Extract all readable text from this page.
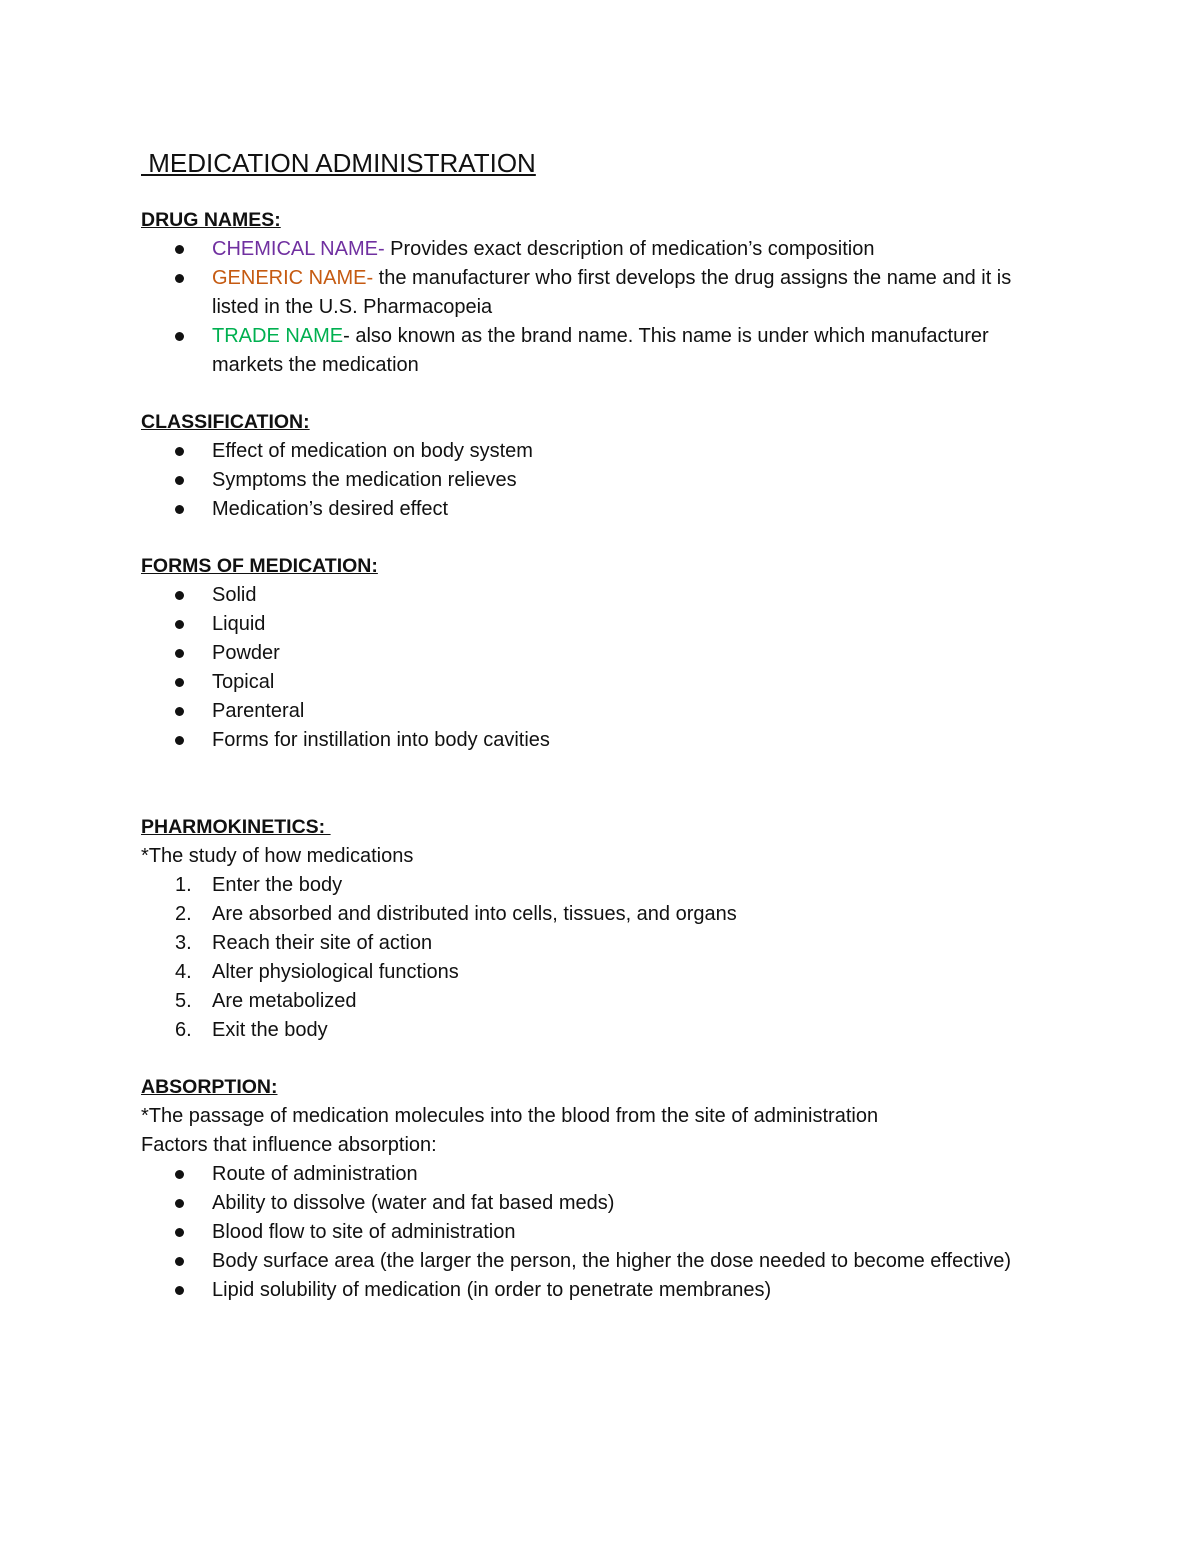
MEDICATION ADMINISTRATION

DRUG NAMES:

CHEMICAL NAME- Provides exact description of medication’s composition
GENERIC NAME- the manufacturer who first develops the drug assigns the name and it is listed in the U.S. Pharmacopeia
TRADE NAME- also known as the brand name. This name is under which manufacturer markets the medication

CLASSIFICATION:

Effect of medication on body system
Symptoms the medication relieves
Medication’s desired effect

FORMS OF MEDICATION:

Solid
Liquid
Powder
Topical
Parenteral
Forms for instillation into body cavities

PHARMOKINETICS:

*The study of how medications

1.	Enter the body
2.	Are absorbed and distributed into cells, tissues, and organs
3.	Reach their site of action
4.	Alter physiological functions
5.	Are metabolized
6.	Exit the body

ABSORPTION:

*The passage of medication molecules into the blood from the site of administration

Factors that influence absorption:

Route of administration
Ability to dissolve (water and fat based meds)
Blood flow to site of administration
Body surface area (the larger the person, the higher the dose needed to become effective)
Lipid solubility of medication (in order to penetrate membranes)
